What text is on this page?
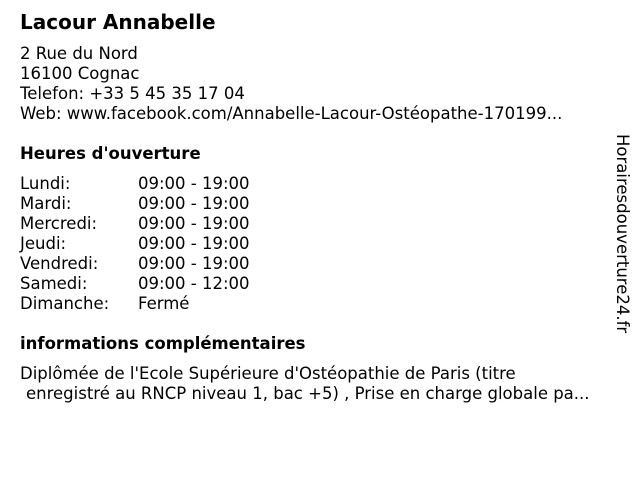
Lacour Annabelle
2 Rue du Nord
16100 Cognac
Telefon: +33 5 45 35 17 04
Web: www.facebook.com/Annabelle-Lacour-Ostéopathe-170199...
Heures d'ouverture
Lundi:	09:00 - 19:00
Mardi:	09:00 - 19:00
Mercredi: 09:00 - 19:00
Jeudi:	09:00 - 19:00
Vendredi: 09:00 - 19:00
Samedi:	09:00 - 12:00
Dimanche: Fermé
informations complémentaires
Diplômée de l'Ecole Supérieure d'Ostéopathie de Paris (titre
enregistré au RNCP niveau 1, bac +5) , Prise en charge globale pa...
Horairesdouverture24.fr
